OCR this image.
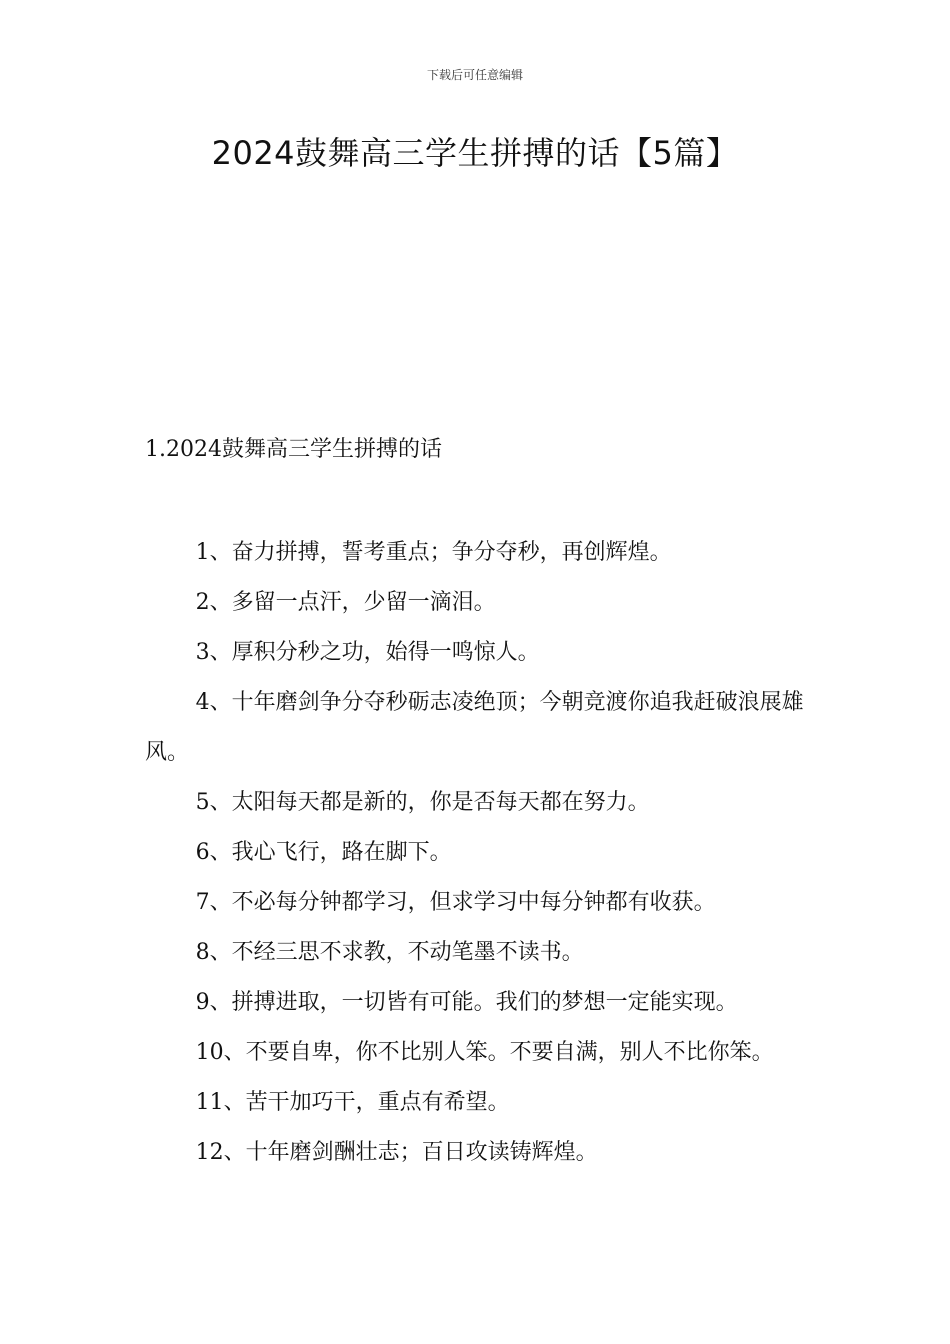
下载后可任意编辑
2024鼓舞高三学生拼搏的话【5篇】
1.2024鼓舞高三学生拼搏的话

1、奋力拼搏，誓考重点；争分夺秒，再创辉煌。

2、多留一点汗，少留一滴泪。

3、厚积分秒之功，始得一鸣惊人。

4、十年磨剑争分夺秒砺志凌绝顶；今朝竞渡你追我赶破浪展雄风。

5、太阳每天都是新的，你是否每天都在努力。

6、我心飞行，路在脚下。

7、不必每分钟都学习，但求学习中每分钟都有收获。

8、不经三思不求教，不动笔墨不读书。

9、拼搏进取，一切皆有可能。我们的梦想一定能实现。

10、不要自卑，你不比别人笨。不要自满，别人不比你笨。

11、苦干加巧干，重点有希望。

12、十年磨剑酬壮志；百日攻读铸辉煌。
